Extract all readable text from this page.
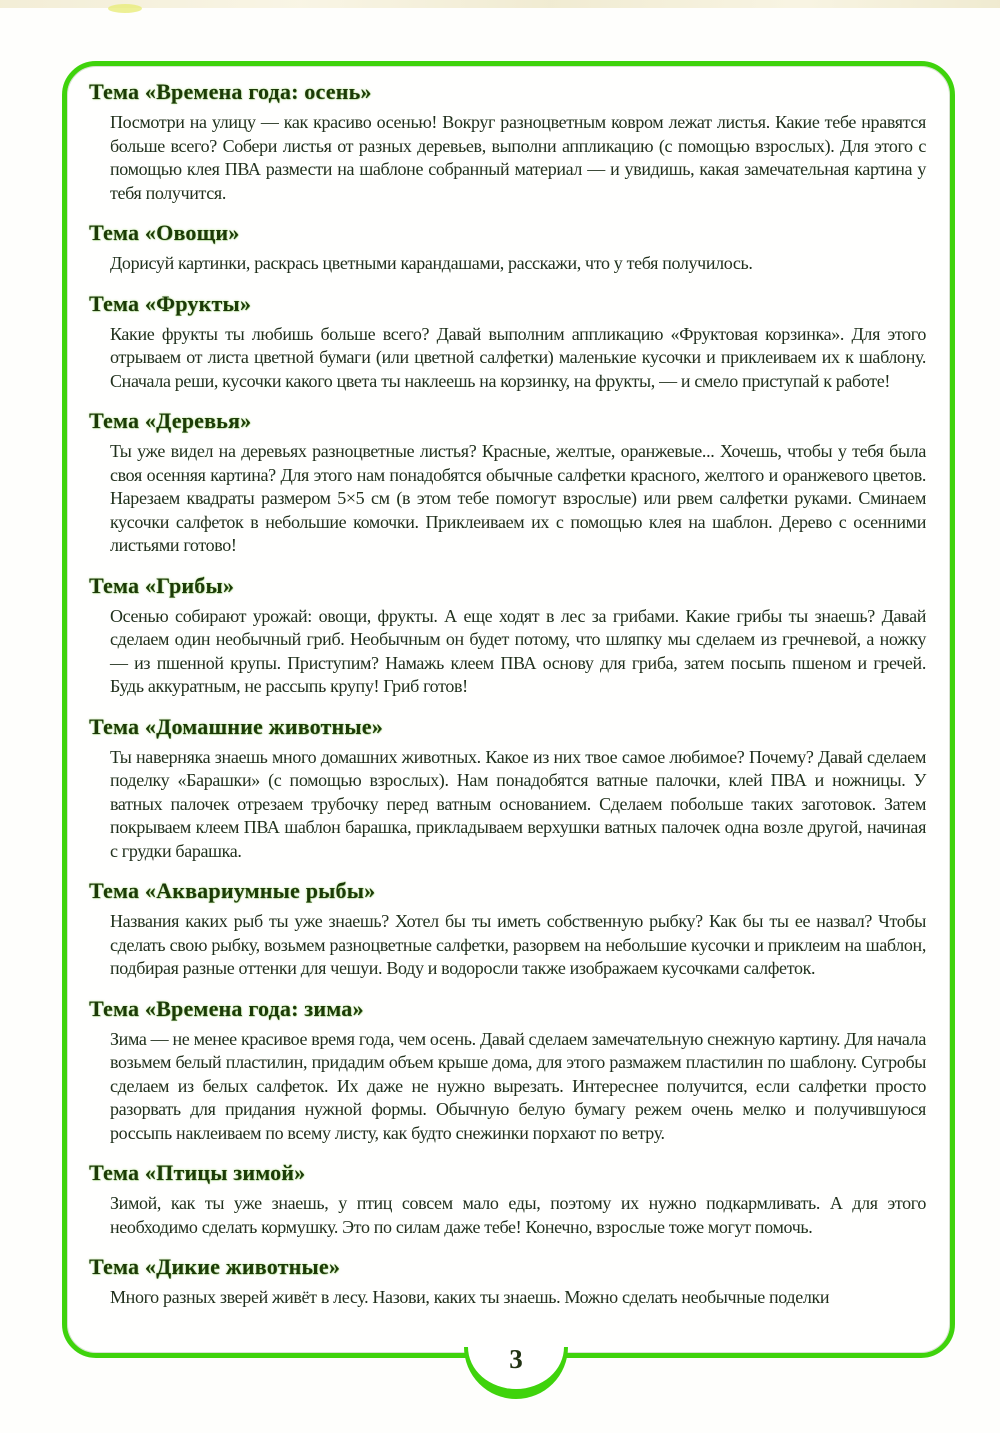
Тема «Времена года: осень»

Посмотри на улицу — как красиво осенью! Вокруг разноцветным ковром лежат листья. Какие тебе нравятся больше всего? Собери листья от разных деревьев, выполни аппликацию (с помощью взрослых). Для этого с помощью клея ПВА размести на шаблоне собранный материал — и увидишь, какая замечательная картина у тебя получится.

Тема «Овощи»

Дорисуй картинки, раскрась цветными карандашами, расскажи, что у тебя получилось.

Тема «Фрукты»

Какие фрукты ты любишь больше всего? Давай выполним аппликацию «Фруктовая корзинка». Для этого отрываем от листа цветной бумаги (или цветной салфетки) маленькие кусочки и приклеиваем их к шаблону. Сначала реши, кусочки какого цвета ты наклеешь на корзинку, на фрукты, — и смело приступай к работе!

Тема «Деревья»

Ты уже видел на деревьях разноцветные листья? Красные, желтые, оранжевые... Хочешь, чтобы у тебя была своя осенняя картина? Для этого нам понадобятся обычные салфетки красного, желтого и оранжевого цветов. Нарезаем квадраты размером 5×5 см (в этом тебе помогут взрослые) или рвем салфетки руками. Сминаем кусочки салфеток в небольшие комочки. Приклеиваем их с помощью клея на шаблон. Дерево с осенними листьями готово!

Тема «Грибы»

Осенью собирают урожай: овощи, фрукты. А еще ходят в лес за грибами. Какие грибы ты знаешь? Давай сделаем один необычный гриб. Необычным он будет потому, что шляпку мы сделаем из гречневой, а ножку — из пшенной крупы. Приступим? Намажь клеем ПВА основу для гриба, затем посыпь пшеном и гречей. Будь аккуратным, не рассыпь крупу! Гриб готов!

Тема «Домашние животные»

Ты наверняка знаешь много домашних животных. Какое из них твое самое любимое? Почему? Давай сделаем поделку «Барашки» (с помощью взрослых). Нам понадобятся ватные палочки, клей ПВА и ножницы. У ватных палочек отрезаем трубочку перед ватным основанием. Сделаем побольше таких заготовок. Затем покрываем клеем ПВА шаблон барашка, прикладываем верхушки ватных палочек одна возле другой, начиная с грудки барашка.

Тема «Аквариумные рыбы»

Названия каких рыб ты уже знаешь? Хотел бы ты иметь собственную рыбку? Как бы ты ее назвал? Чтобы сделать свою рыбку, возьмем разноцветные салфетки, разорвем на небольшие кусочки и приклеим на шаблон, подбирая разные оттенки для чешуи. Воду и водоросли также изображаем кусочками салфеток.

Тема «Времена года: зима»

Зима — не менее красивое время года, чем осень. Давай сделаем замечательную снежную картину. Для начала возьмем белый пластилин, придадим объем крыше дома, для этого размажем пластилин по шаблону. Сугробы сделаем из белых салфеток. Их даже не нужно вырезать. Интереснее получится, если салфетки просто разорвать для придания нужной формы. Обычную белую бумагу режем очень мелко и получившуюся россыпь наклеиваем по всему листу, как будто снежинки порхают по ветру.

Тема «Птицы зимой»

Зимой, как ты уже знаешь, у птиц совсем мало еды, поэтому их нужно подкармливать. А для этого необходимо сделать кормушку. Это по силам даже тебе! Конечно, взрослые тоже могут помочь.

Тема «Дикие животные»

Много разных зверей живёт в лесу. Назови, каких ты знаешь. Можно сделать необычные поделки

3
